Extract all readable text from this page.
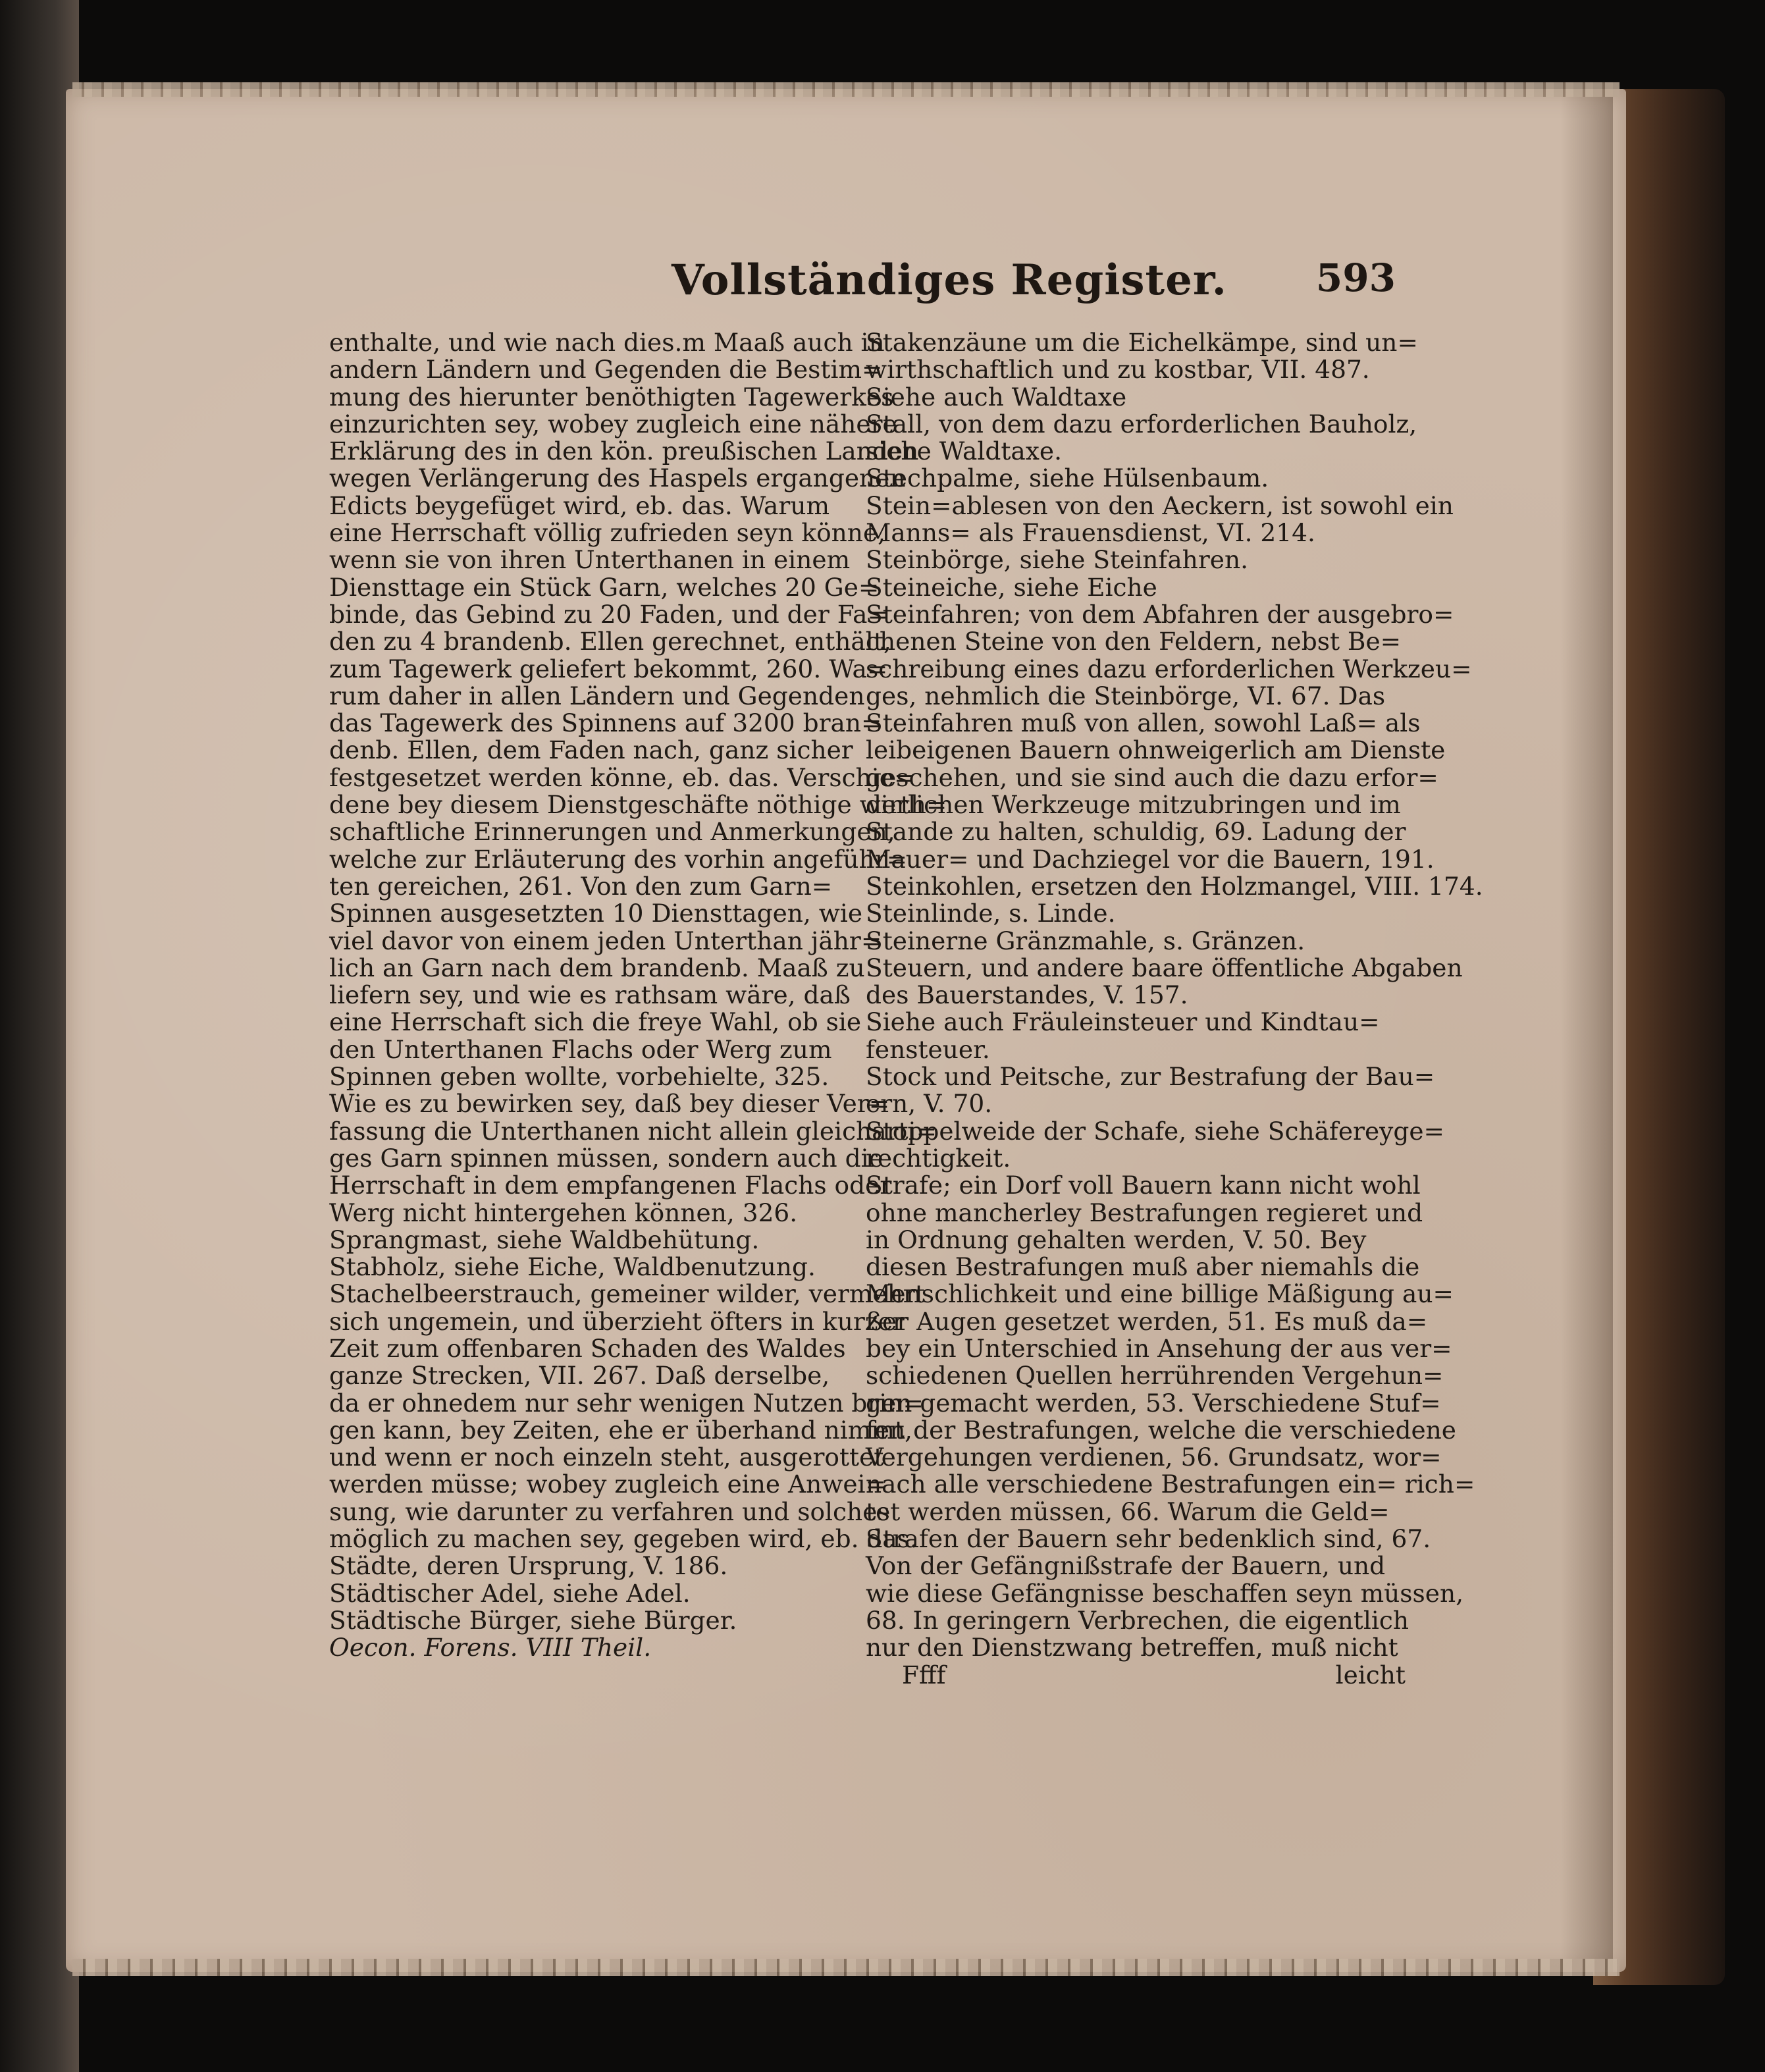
Vollständiges Register. 593
enthalte, und wie nach dies.m Maaß auch in
andern Ländern und Gegenden die Bestim=
mung des hierunter benöthigten Tagewerkes
einzurichten sey, wobey zugleich eine nähere
Erklärung des in den kön. preußischen Landen
wegen Verlängerung des Haspels ergangenen
Edicts beygefüget wird, eb. das. Warum
eine Herrschaft völlig zufrieden seyn könne,
wenn sie von ihren Unterthanen in einem
Diensttage ein Stück Garn, welches 20 Ge=
binde, das Gebind zu 20 Faden, und der Fa=
den zu 4 brandenb. Ellen gerechnet, enthält,
zum Tagewerk geliefert bekommt, 260. Wa=
rum daher in allen Ländern und Gegenden
das Tagewerk des Spinnens auf 3200 bran=
denb. Ellen, dem Faden nach, ganz sicher
festgesetzet werden könne, eb. das. Verschie=
dene bey diesem Dienstgeschäfte nöthige wirth=
schaftliche Erinnerungen und Anmerkungen,
welche zur Erläuterung des vorhin angeführ=
ten gereichen, 261. Von den zum Garn=
Spinnen ausgesetzten 10 Diensttagen, wie
viel davor von einem jeden Unterthan jähr=
lich an Garn nach dem brandenb. Maaß zu
liefern sey, und wie es rathsam wäre, daß
eine Herrschaft sich die freye Wahl, ob sie
den Unterthanen Flachs oder Werg zum
Spinnen geben wollte, vorbehielte, 325.
Wie es zu bewirken sey, daß bey dieser Ver=
fassung die Unterthanen nicht allein gleicharti=
ges Garn spinnen müssen, sondern auch die
Herrschaft in dem empfangenen Flachs oder
Werg nicht hintergehen können, 326.
Sprangmast, siehe Waldbehütung.
Stabholz, siehe Eiche, Waldbenutzung.
Stachelbeerstrauch, gemeiner wilder, vermehrt
sich ungemein, und überzieht öfters in kurzer
Zeit zum offenbaren Schaden des Waldes
ganze Strecken, VII. 267. Daß derselbe,
da er ohnedem nur sehr wenigen Nutzen brin=
gen kann, bey Zeiten, ehe er überhand nimmt,
und wenn er noch einzeln steht, ausgerottet
werden müsse; wobey zugleich eine Anwei=
sung, wie darunter zu verfahren und solches
möglich zu machen sey, gegeben wird, eb. das.
Städte, deren Ursprung, V. 186.
Städtischer Adel, siehe Adel.
Städtische Bürger, siehe Bürger.
Oecon. Forens. VIII Theil.
Stakenzäune um die Eichelkämpe, sind un=
wirthschaftlich und zu kostbar, VII. 487.
Siehe auch Waldtaxe
Stall, von dem dazu erforderlichen Bauholz,
siehe Waldtaxe.
Stechpalme, siehe Hülsenbaum.
Stein=ablesen von den Aeckern, ist sowohl ein
Manns= als Frauensdienst, VI. 214.
Steinbörge, siehe Steinfahren.
Steineiche, siehe Eiche
Steinfahren; von dem Abfahren der ausgebro=
chenen Steine von den Feldern, nebst Be=
schreibung eines dazu erforderlichen Werkzeu=
ges, nehmlich die Steinbörge, VI. 67. Das
Steinfahren muß von allen, sowohl Laß= als
leibeigenen Bauern ohnweigerlich am Dienste
geschehen, und sie sind auch die dazu erfor=
derlichen Werkzeuge mitzubringen und im
Stande zu halten, schuldig, 69. Ladung der
Mauer= und Dachziegel vor die Bauern, 191.
Steinkohlen, ersetzen den Holzmangel, VIII. 174.
Steinlinde, s. Linde.
Steinerne Gränzmahle, s. Gränzen.
Steuern, und andere baare öffentliche Abgaben
des Bauerstandes, V. 157.
Siehe auch Fräuleinsteuer und Kindtau=
fensteuer.
Stock und Peitsche, zur Bestrafung der Bau=
ern, V. 70.
Stoppelweide der Schafe, siehe Schäfereyge=
rechtigkeit.
Strafe; ein Dorf voll Bauern kann nicht wohl
ohne mancherley Bestrafungen regieret und
in Ordnung gehalten werden, V. 50. Bey
diesen Bestrafungen muß aber niemahls die
Menschlichkeit und eine billige Mäßigung au=
ßer Augen gesetzet werden, 51. Es muß da=
bey ein Unterschied in Ansehung der aus ver=
schiedenen Quellen herrührenden Vergehun=
gen gemacht werden, 53. Verschiedene Stuf=
fen der Bestrafungen, welche die verschiedene
Vergehungen verdienen, 56. Grundsatz, wor=
nach alle verschiedene Bestrafungen ein= rich=
tet werden müssen, 66. Warum die Geld=
Strafen der Bauern sehr bedenklich sind, 67.
Von der Gefängnißstrafe der Bauern, und
wie diese Gefängnisse beschaffen seyn müssen,
68. In geringern Verbrechen, die eigentlich
nur den Dienstzwang betreffen, muß nicht
Ffff	leicht
